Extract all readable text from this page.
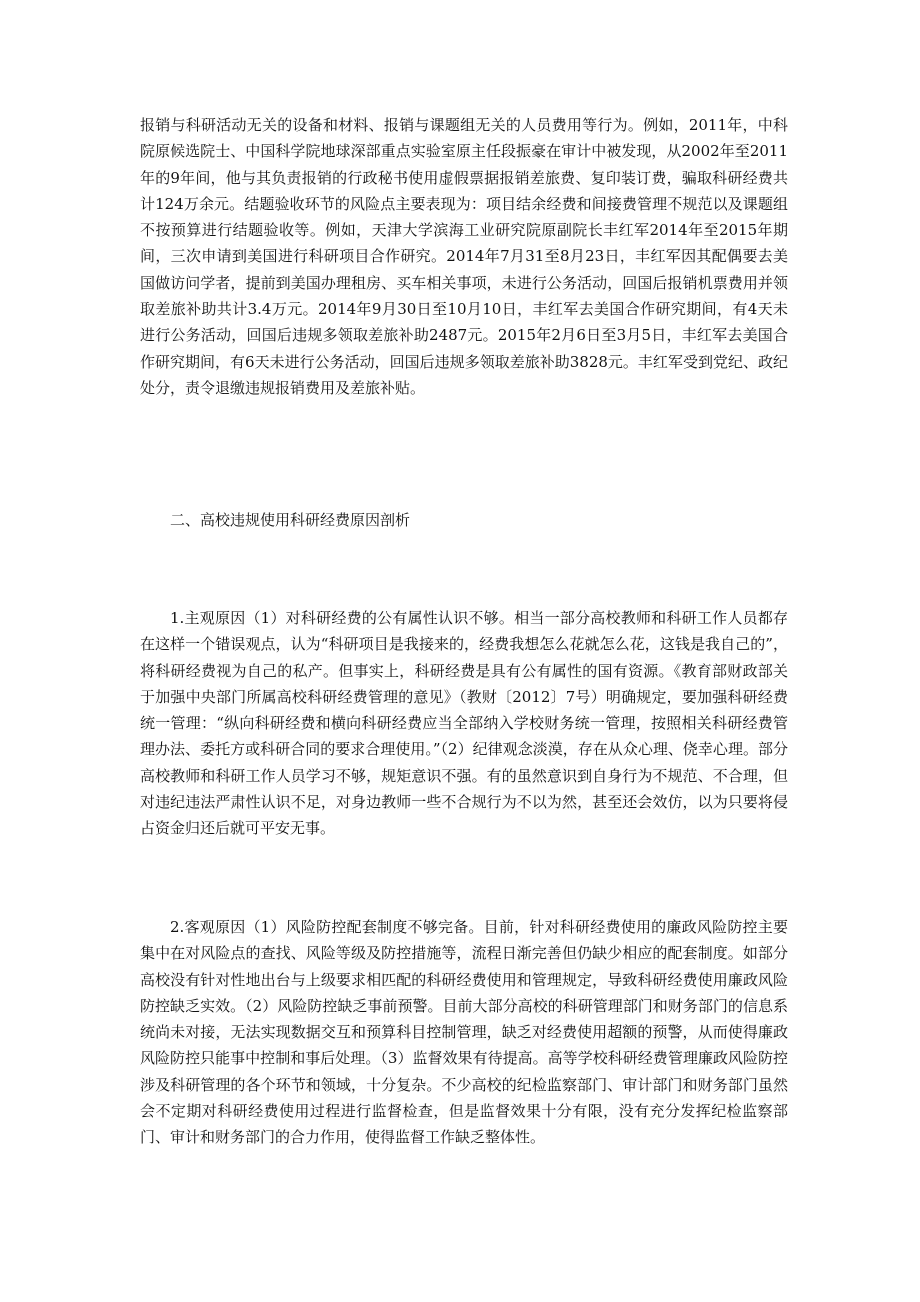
报销与科研活动无关的设备和材料、报销与课题组无关的人员费用等行为。例如，2011年，中科院原候选院士、中国科学院地球深部重点实验室原主任段振豪在审计中被发现，从2002年至2011年的9年间，他与其负责报销的行政秘书使用虚假票据报销差旅费、复印装订费，骗取科研经费共计124万余元。结题验收环节的风险点主要表现为：项目结余经费和间接费管理不规范以及课题组不按预算进行结题验收等。例如，天津大学滨海工业研究院原副院长丰红军2014年至2015年期间，三次申请到美国进行科研项目合作研究。2014年7月31至8月23日，丰红军因其配偶要去美国做访问学者，提前到美国办理租房、买车相关事项，未进行公务活动，回国后报销机票费用并领取差旅补助共计3.4万元。2014年9月30日至10月10日，丰红军去美国合作研究期间，有4天未进行公务活动，回国后违规多领取差旅补助2487元。2015年2月6日至3月5日，丰红军去美国合作研究期间，有6天未进行公务活动，回国后违规多领取差旅补助3828元。丰红军受到党纪、政纪处分，责令退缴违规报销费用及差旅补贴。

二、高校违规使用科研经费原因剖析

1.主观原因（1）对科研经费的公有属性认识不够。相当一部分高校教师和科研工作人员都存在这样一个错误观点，认为“科研项目是我接来的，经费我想怎么花就怎么花，这钱是我自己的”，将科研经费视为自己的私产。但事实上，科研经费是具有公有属性的国有资源。《教育部财政部关于加强中央部门所属高校科研经费管理的意见》（教财〔2012〕7号）明确规定，要加强科研经费统一管理：“纵向科研经费和横向科研经费应当全部纳入学校财务统一管理，按照相关科研经费管理办法、委托方或科研合同的要求合理使用。”（2）纪律观念淡漠，存在从众心理、侥幸心理。部分高校教师和科研工作人员学习不够，规矩意识不强。有的虽然意识到自身行为不规范、不合理，但对违纪违法严肃性认识不足，对身边教师一些不合规行为不以为然，甚至还会效仿，以为只要将侵占资金归还后就可平安无事。

2.客观原因（1）风险防控配套制度不够完备。目前，针对科研经费使用的廉政风险防控主要集中在对风险点的查找、风险等级及防控措施等，流程日渐完善但仍缺少相应的配套制度。如部分高校没有针对性地出台与上级要求相匹配的科研经费使用和管理规定，导致科研经费使用廉政风险防控缺乏实效。（2）风险防控缺乏事前预警。目前大部分高校的科研管理部门和财务部门的信息系统尚未对接，无法实现数据交互和预算科目控制管理，缺乏对经费使用超额的预警，从而使得廉政风险防控只能事中控制和事后处理。（3）监督效果有待提高。高等学校科研经费管理廉政风险防控涉及科研管理的各个环节和领域，十分复杂。不少高校的纪检监察部门、审计部门和财务部门虽然会不定期对科研经费使用过程进行监督检查，但是监督效果十分有限，没有充分发挥纪检监察部门、审计和财务部门的合力作用，使得监督工作缺乏整体性。
